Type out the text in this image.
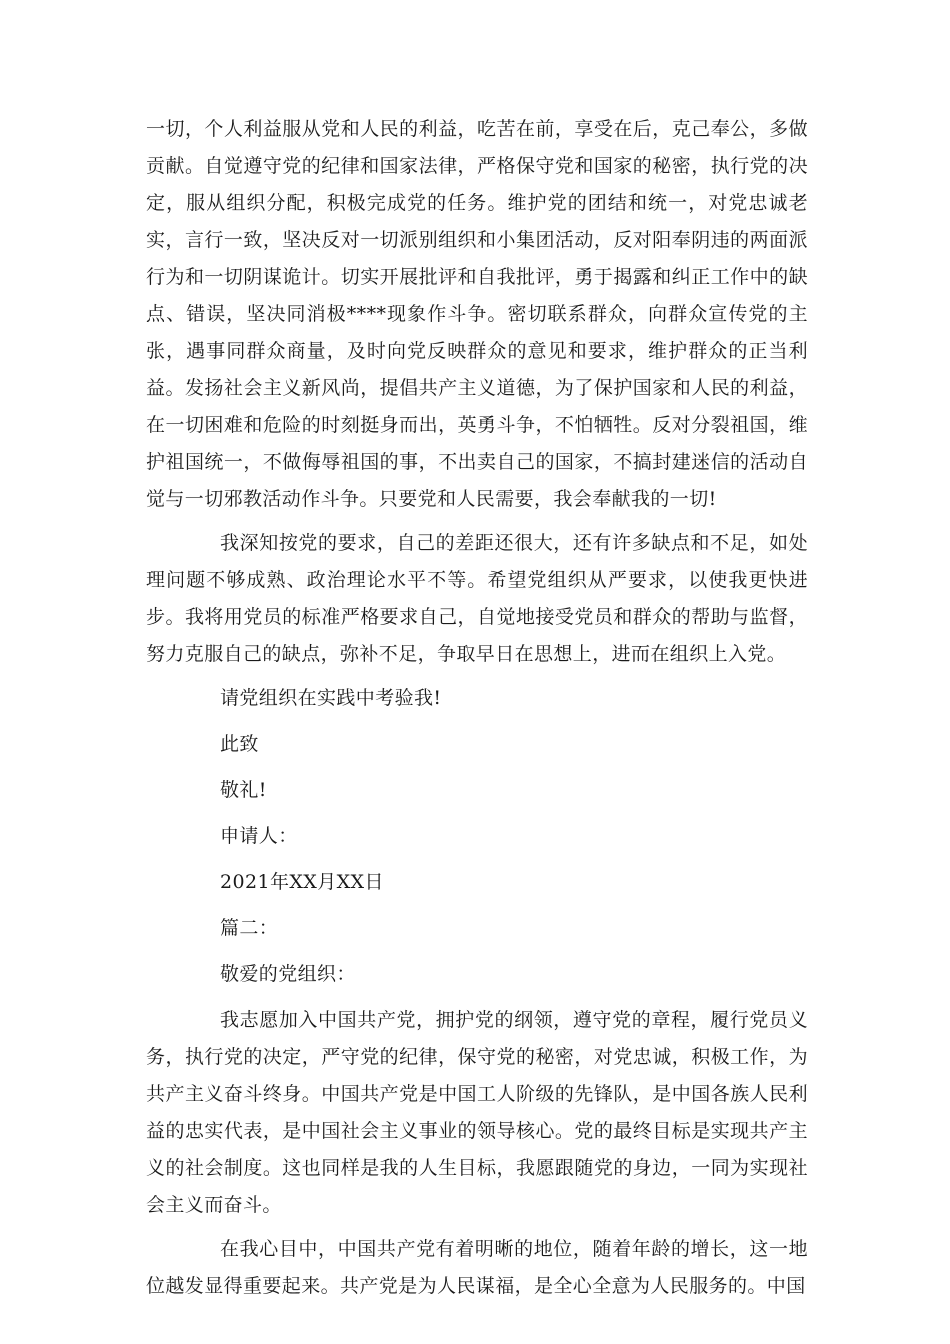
一切，个人利益服从党和人民的利益，吃苦在前，享受在后，克己奉公，多做贡献。自觉遵守党的纪律和国家法律，严格保守党和国家的秘密，执行党的决定，服从组织分配，积极完成党的任务。维护党的团结和统一，对党忠诚老实，言行一致，坚决反对一切派别组织和小集团活动，反对阳奉阴违的两面派行为和一切阴谋诡计。切实开展批评和自我批评，勇于揭露和纠正工作中的缺点、错误，坚决同消极****现象作斗争。密切联系群众，向群众宣传党的主张，遇事同群众商量，及时向党反映群众的意见和要求，维护群众的正当利益。发扬社会主义新风尚，提倡共产主义道德，为了保护国家和人民的利益，在一切困难和危险的时刻挺身而出，英勇斗争，不怕牺牲。反对分裂祖国，维护祖国统一，不做侮辱祖国的事，不出卖自己的国家，不搞封建迷信的活动自觉与一切邪教活动作斗争。只要党和人民需要，我会奉献我的一切!

我深知按党的要求，自己的差距还很大，还有许多缺点和不足，如处理问题不够成熟、政治理论水平不等。希望党组织从严要求，以使我更快进步。我将用党员的标准严格要求自己，自觉地接受党员和群众的帮助与监督，努力克服自己的缺点，弥补不足，争取早日在思想上，进而在组织上入党。

请党组织在实践中考验我!
此致
敬礼!
申请人：
2021年XX月XX日
篇二：
敬爱的党组织：

我志愿加入中国共产党，拥护党的纲领，遵守党的章程，履行党员义务，执行党的决定，严守党的纪律，保守党的秘密，对党忠诚，积极工作，为共产主义奋斗终身。中国共产党是中国工人阶级的先锋队，是中国各族人民利益的忠实代表，是中国社会主义事业的领导核心。党的最终目标是实现共产主义的社会制度。这也同样是我的人生目标，我愿跟随党的身边，一同为实现社会主义而奋斗。

在我心目中，中国共产党有着明晰的地位，随着年龄的增长，这一地位越发显得重要起来。共产党是为人民谋福，是全心全意为人民服务的。中国
